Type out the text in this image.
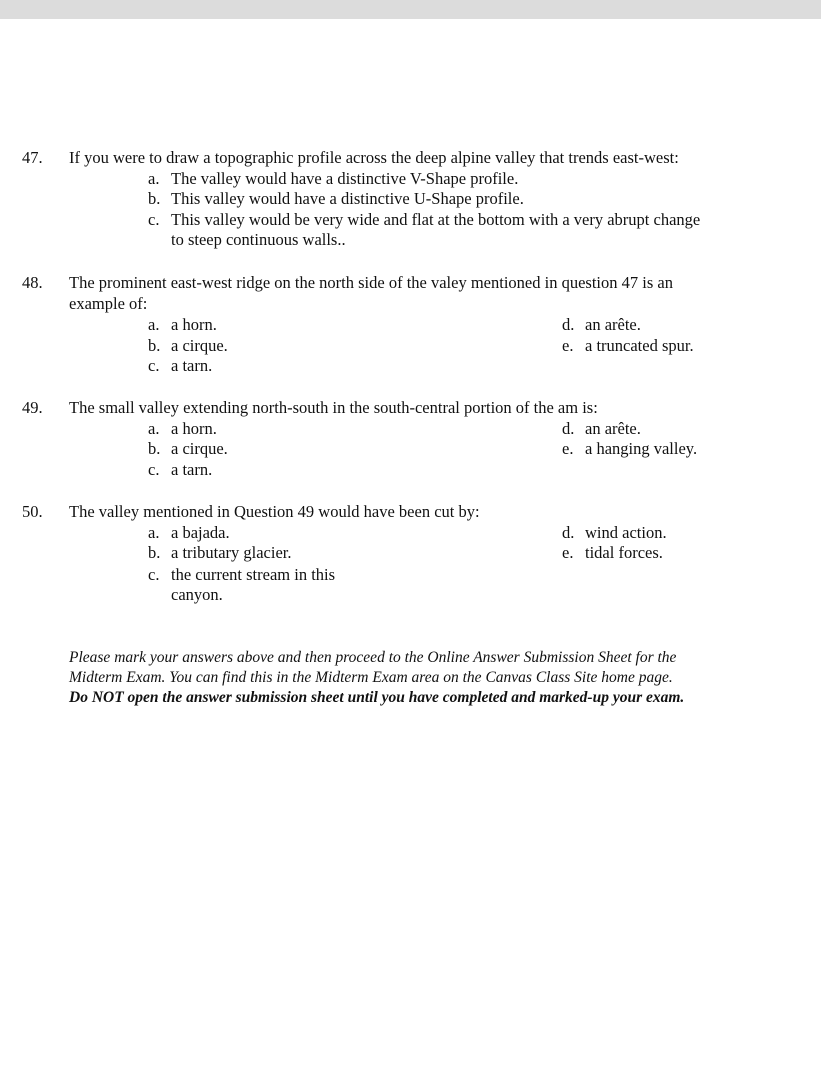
47. If you were to draw a topographic profile across the deep alpine valley that trends east-west:
a. The valley would have a distinctive V-Shape profile.
b. This valley would have a distinctive U-Shape profile.
c. This valley would be very wide and flat at the bottom with a very abrupt change
to steep continuous walls..
48. The prominent east-west ridge on the north side of the valey mentioned in question 47 is an
example of:
a. a horn.
b. a cirque.
c. a tarn.
d. an arête.
e. a truncated spur.
49. The small valley extending north-south in the south-central portion of the am is:
a. a horn.
b. a cirque.
c. a tarn.
d. an arête.
e. a hanging valley.
50. The valley mentioned in Question 49 would have been cut by:
a. a bajada.
b. a tributary glacier.
c. the current stream in this
canyon.
d. wind action.
e. tidal forces.
Please mark your answers above and then proceed to the Online Answer Submission Sheet for the
Midterm Exam. You can find this in the Midterm Exam area on the Canvas Class Site home page.
Do NOT open the answer submission sheet until you have completed and marked-up your exam.
